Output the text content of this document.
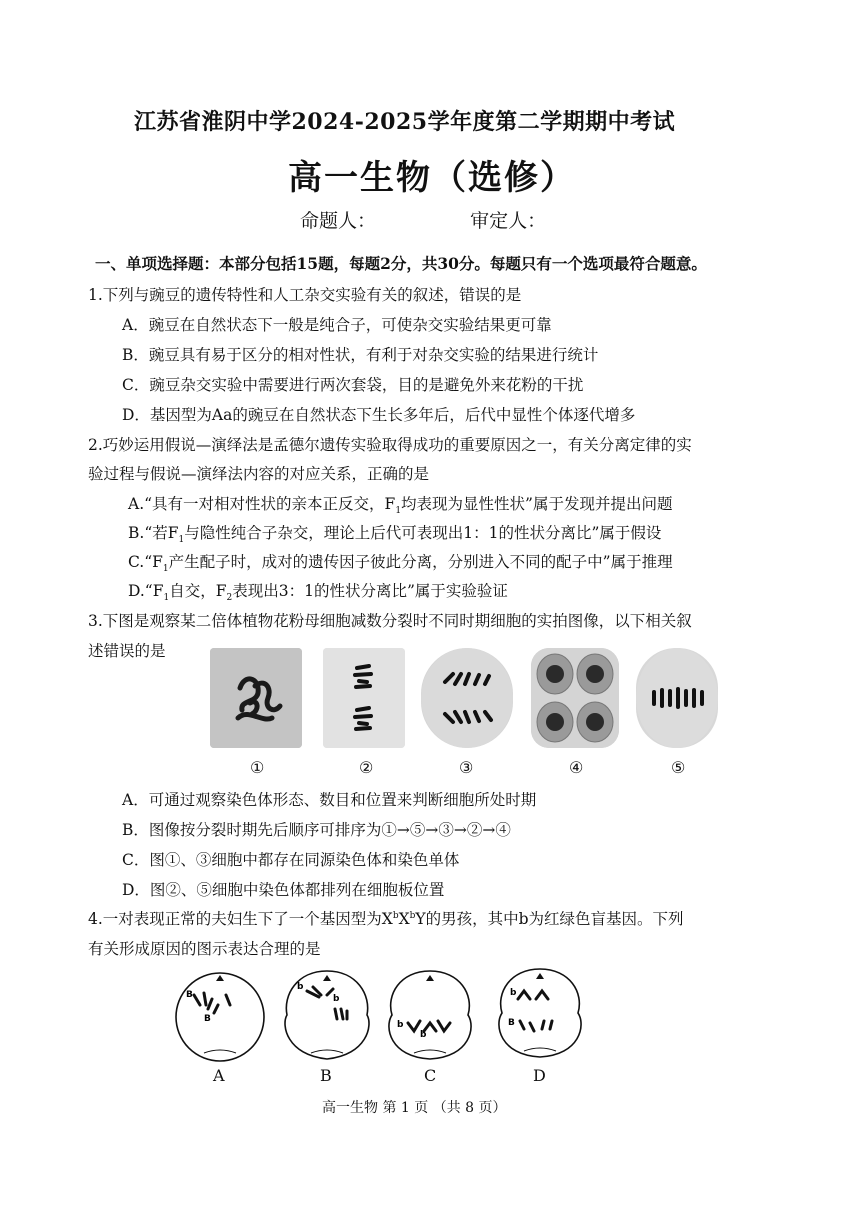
江苏省淮阴中学2024-2025学年度第二学期期中考试
高一生物（选修）
命题人：	审定人：
一、单项选择题：本部分包括15题，每题2分，共30分。每题只有一个选项最符合题意。
1.下列与豌豆的遗传特性和人工杂交实验有关的叙述，错误的是
A．豌豆在自然状态下一般是纯合子，可使杂交实验结果更可靠
B．豌豆具有易于区分的相对性状，有利于对杂交实验的结果进行统计
C．豌豆杂交实验中需要进行两次套袋，目的是避免外来花粉的干扰
D．基因型为Aa的豌豆在自然状态下生长多年后，后代中显性个体逐代增多
2.巧妙运用假说—演绎法是孟德尔遗传实验取得成功的重要原因之一，有关分离定律的实
验过程与假说—演绎法内容的对应关系，正确的是
A.“具有一对相对性状的亲本正反交，$F_1$均表现为显性性状”属于发现并提出问题
B.“若$F_1$与隐性纯合子杂交，理论上后代可表现出1：1的性状分离比”属于假设
$C.“F_1$产生配子时，成对的遗传因子彼此分离，分别进入不同的配子中”属于推理
$D.“F_1$自交，$F_2$表现出3：1的性状分离比”属于实验验证
3.下图是观察某二倍体植物花粉母细胞减数分裂时不同时期细胞的实拍图像，以下相关叙
述错误的是
①	②	③	④	⑤
A．可通过观察染色体形态、数目和位置来判断细胞所处时期
B．图像按分裂时期先后顺序可排序为①→⑤→③→②→④
C．图①、③细胞中都存在同源染色体和染色单体
D．图②、⑤细胞中染色体都排列在细胞板位置
4.一对表现正常的夫妇生下了一个基因型为$X^bX^bY$的男孩，其中b为红绿色盲基因。下列
有关形成原因的图示表达合理的是
B
B
b
b
b
b
b
B
A	B	C	D
高一生物 第 1 页 （共 8 页）
